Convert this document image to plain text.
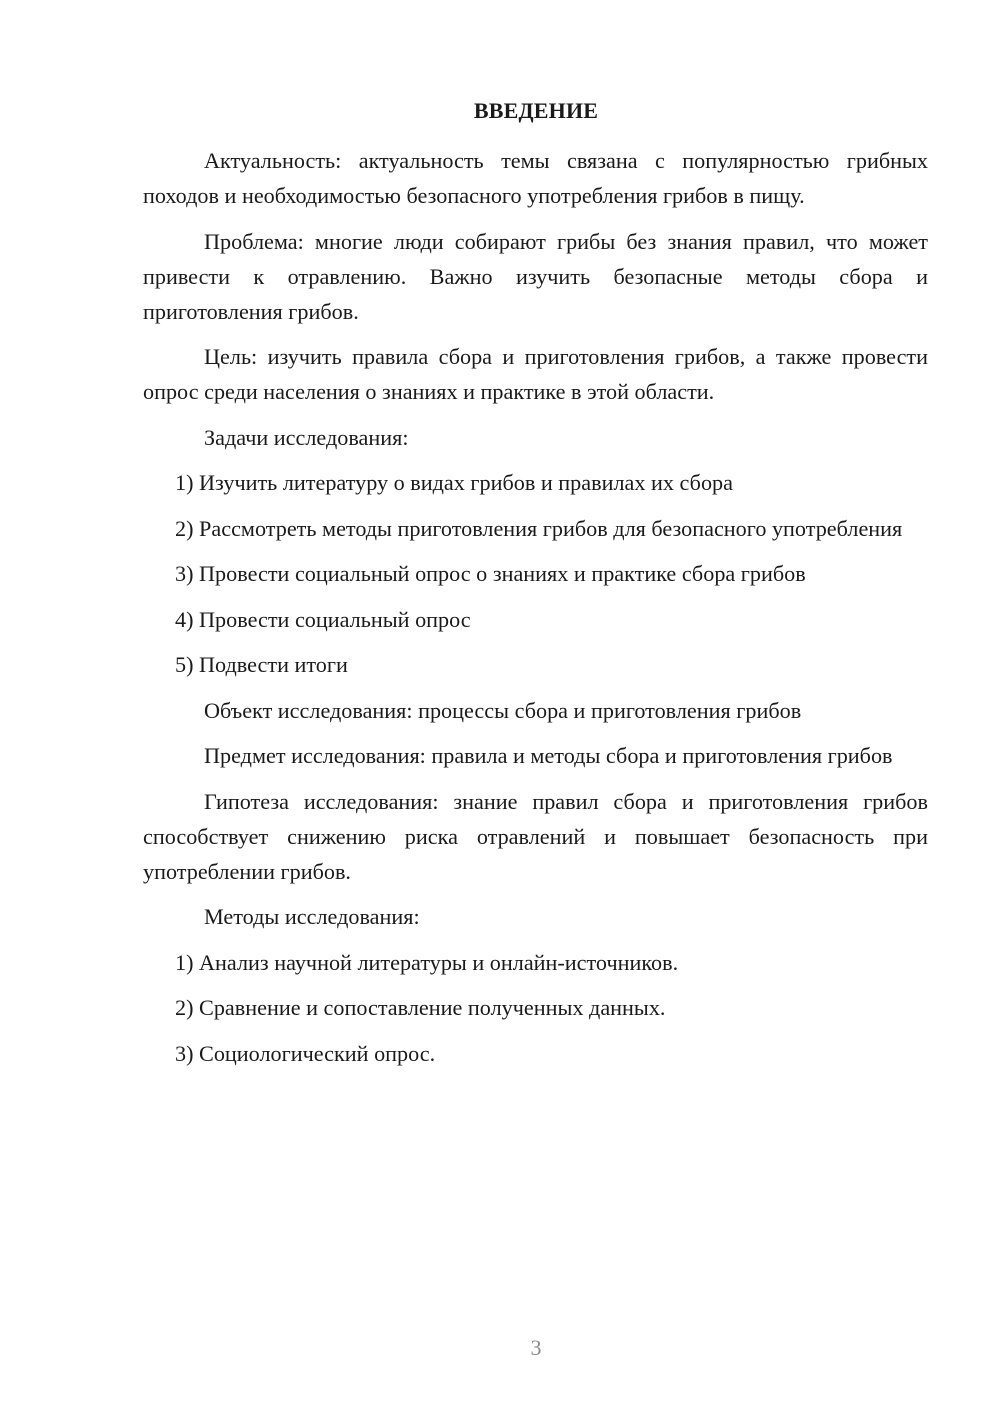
ВВЕДЕНИЕ

Актуальность: актуальность темы связана с популярностью грибных походов и необходимостью безопасного употребления грибов в пищу.

Проблема: многие люди собирают грибы без знания правил, что может привести к отравлению. Важно изучить безопасные методы сбора и приготовления грибов.

Цель: изучить правила сбора и приготовления грибов, а также провести опрос среди населения о знаниях и практике в этой области.

Задачи исследования:

1) Изучить литературу о видах грибов и правилах их сбора

2) Рассмотреть методы приготовления грибов для безопасного употребления

3) Провести социальный опрос о знаниях и практике сбора грибов

4) Провести социальный опрос

5) Подвести итоги

Объект исследования: процессы сбора и приготовления грибов

Предмет исследования: правила и методы сбора и приготовления грибов

Гипотеза исследования: знание правил сбора и приготовления грибов способствует снижению риска отравлений и повышает безопасность при употреблении грибов.

Методы исследования:

1) Анализ научной литературы и онлайн-источников.

2) Сравнение и сопоставление полученных данных.

3) Социологический опрос.

3
